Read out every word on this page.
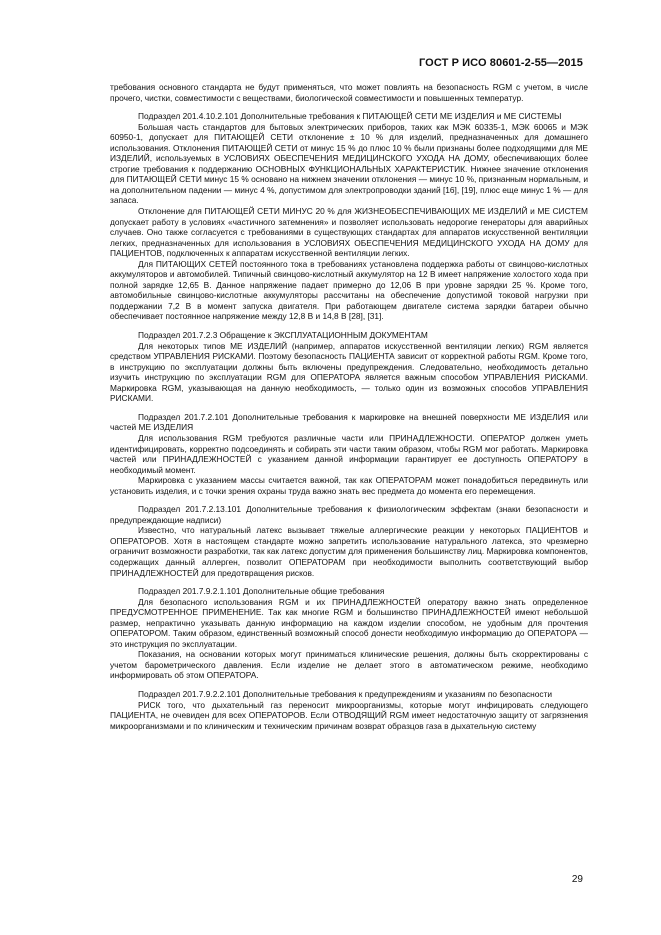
ГОСТ Р ИСО 80601-2-55—2015

требования основного стандарта не будут применяться, что может повлиять на безопасность RGM с учетом, в числе прочего, чистки, совместимости с веществами, биологической совместимости и повышенных температур.

Подраздел 201.4.10.2.101 Дополнительные требования к ПИТАЮЩЕЙ СЕТИ МЕ ИЗДЕЛИЯ и МЕ СИСТЕМЫ

Большая часть стандартов для бытовых электрических приборов, таких как МЭК 60335-1, МЭК 60065 и МЭК 60950-1, допускает для ПИТАЮЩЕЙ СЕТИ отклонение ± 10 % для изделий, предназначенных для домашнего использования. Отклонения ПИТАЮЩЕЙ СЕТИ от минус 15 % до плюс 10 % были признаны более подходящими для МЕ ИЗДЕЛИЙ, используемых в УСЛОВИЯХ ОБЕСПЕЧЕНИЯ МЕДИЦИНСКОГО УХОДА НА ДОМУ, обеспечивающих более строгие требования к поддержанию ОСНОВНЫХ ФУНКЦИОНАЛЬНЫХ ХАРАКТЕРИСТИК. Нижнее значение отклонения для ПИТАЮЩЕЙ СЕТИ минус 15 % основано на нижнем значении отклонения — минус 10 %, признанным нормальным, и на дополнительном падении — минус 4 %, допустимом для электропроводки зданий [16], [19], плюс еще минус 1 % — для запаса.

Отклонение для ПИТАЮЩЕЙ СЕТИ МИНУС 20 % для ЖИЗНЕОБЕСПЕЧИВАЮЩИХ МЕ ИЗДЕЛИЙ и МЕ СИСТЕМ допускает работу в условиях «частичного затемнения» и позволяет использовать недорогие генераторы для аварийных случаев. Оно также согласуется с требованиями в существующих стандартах для аппаратов искусственной вентиляции легких, предназначенных для использования в УСЛОВИЯХ ОБЕСПЕЧЕНИЯ МЕДИЦИНСКОГО УХОДА НА ДОМУ для ПАЦИЕНТОВ, подключенных к аппаратам искусственной вентиляции легких.

Для ПИТАЮЩИХ СЕТЕЙ постоянного тока в требованиях установлена поддержка работы от свинцово-кислотных аккумуляторов и автомобилей. Типичный свинцово-кислотный аккумулятор на 12 В имеет напряжение холостого хода при полной зарядке 12,65 В. Данное напряжение падает примерно до 12,06 В при уровне зарядки 25 %. Кроме того, автомобильные свинцово-кислотные аккумуляторы рассчитаны на обеспечение допустимой токовой нагрузки при поддержании 7,2 В в момент запуска двигателя. При работающем двигателе система зарядки батареи обычно обеспечивает постоянное напряжение между 12,8 В и 14,8 В [28], [31].

Подраздел 201.7.2.3 Обращение к ЭКСПЛУАТАЦИОННЫМ ДОКУМЕНТАМ

Для некоторых типов МЕ ИЗДЕЛИЙ (например, аппаратов искусственной вентиляции легких) RGM является средством УПРАВЛЕНИЯ РИСКАМИ. Поэтому безопасность ПАЦИЕНТА зависит от корректной работы RGM. Кроме того, в инструкцию по эксплуатации должны быть включены предупреждения. Следовательно, необходимость детально изучить инструкцию по эксплуатации RGM для ОПЕРАТОРА является важным способом УПРАВЛЕНИЯ РИСКАМИ. Маркировка RGM, указывающая на данную необходимость, — только один из возможных способов УПРАВЛЕНИЯ РИСКАМИ.

Подраздел 201.7.2.101 Дополнительные требования к маркировке на внешней поверхности МЕ ИЗДЕЛИЯ или частей МЕ ИЗДЕЛИЯ

Для использования RGM требуются различные части или ПРИНАДЛЕЖНОСТИ. ОПЕРАТОР должен уметь идентифицировать, корректно подсоединять и собирать эти части таким образом, чтобы RGM мог работать. Маркировка частей или ПРИНАДЛЕЖНОСТЕЙ с указанием данной информации гарантирует ее доступность ОПЕРАТОРУ в необходимый момент.

Маркировка с указанием массы считается важной, так как ОПЕРАТОРАМ может понадобиться передвинуть или установить изделия, и с точки зрения охраны труда важно знать вес предмета до момента его перемещения.

Подраздел 201.7.2.13.101 Дополнительные требования к физиологическим эффектам (знаки безопасности и предупреждающие надписи)

Известно, что натуральный латекс вызывает тяжелые аллергические реакции у некоторых ПАЦИЕНТОВ и ОПЕРАТОРОВ. Хотя в настоящем стандарте можно запретить использование натурального латекса, это чрезмерно ограничит возможности разработки, так как латекс допустим для применения большинству лиц. Маркировка компонентов, содержащих данный аллерген, позволит ОПЕРАТОРАМ при необходимости выполнить соответствующий выбор ПРИНАДЛЕЖНОСТЕЙ для предотвращения рисков.

Подраздел 201.7.9.2.1.101 Дополнительные общие требования

Для безопасного использования RGM и их ПРИНАДЛЕЖНОСТЕЙ оператору важно знать определенное ПРЕДУСМОТРЕННОЕ ПРИМЕНЕНИЕ. Так как многие RGM и большинство ПРИНАДЛЕЖНОСТЕЙ имеют небольшой размер, непрактично указывать данную информацию на каждом изделии способом, не удобным для прочтения ОПЕРАТОРОМ. Таким образом, единственный возможный способ донести необходимую информацию до ОПЕРАТОРА — это инструкция по эксплуатации.

Показания, на основании которых могут приниматься клинические решения, должны быть скорректированы с учетом барометрического давления. Если изделие не делает этого в автоматическом режиме, необходимо информировать об этом ОПЕРАТОРА.

Подраздел 201.7.9.2.2.101 Дополнительные требования к предупреждениям и указаниям по безопасности

РИСК того, что дыхательный газ переносит микроорганизмы, которые могут инфицировать следующего ПАЦИЕНТА, не очевиден для всех ОПЕРАТОРОВ. Если ОТВОДЯЩИЙ RGM имеет недостаточную защиту от загрязнения микроорганизмами и по клиническим и техническим причинам возврат образцов газа в дыхательную систему

29
